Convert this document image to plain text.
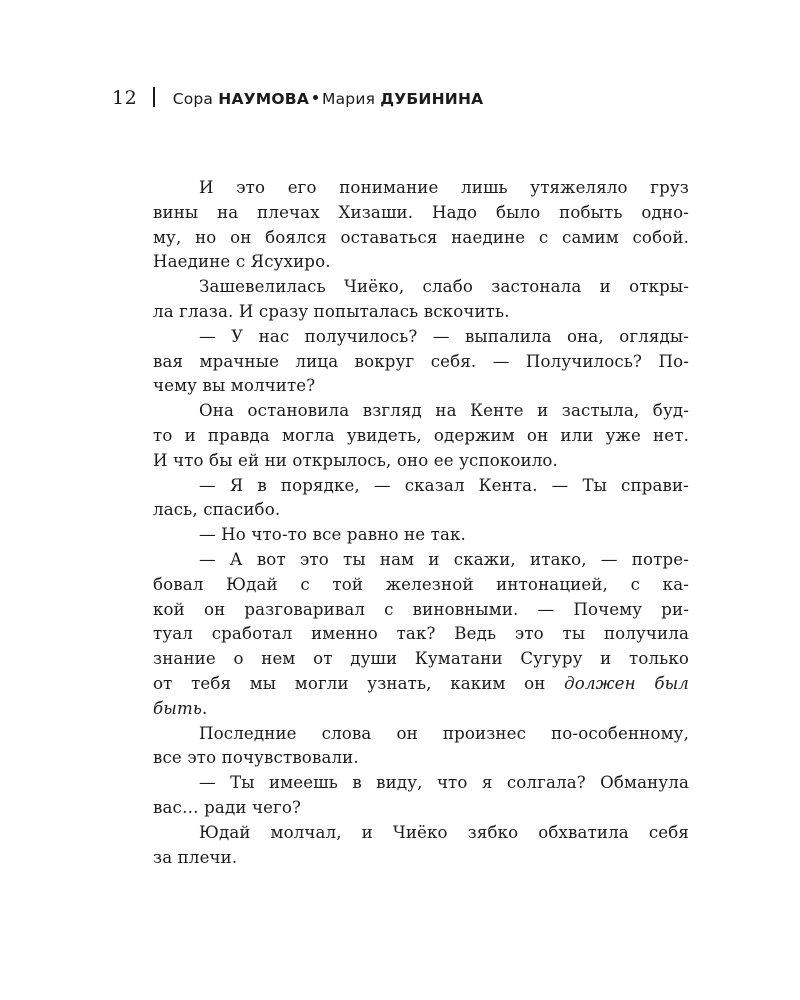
12 Сора НАУМОВА Мария ДУБИНИНА
И это его понимание лишь утяжеляло груз
вины на плечах Хизаши. Надо было побыть одно-
му, но он боялся оставаться наедине с самим собой.
Наедине с Ясухиро.
Зашевелилась Чиёко, слабо застонала и откры-
ла глаза. И сразу попыталась вскочить.
— У нас получилось? — выпалила она, огляды-
вая мрачные лица вокруг себя. — Получилось? По-
чему вы молчите?
Она остановила взгляд на Кенте и застыла, буд-
то и правда могла увидеть, одержим он или уже нет.
И что бы ей ни открылось, оно ее успокоило.
— Я в порядке, — сказал Кента. — Ты справи-
лась, спасибо.
— Но что-то все равно не так.
— А вот это ты нам и скажи, итако, — потре-
бовал Юдай с той железной интонацией, с ка-
кой он разговаривал с виновными. — Почему ри-
туал сработал именно так? Ведь это ты получила
знание о нем от души Куматани Сугуру и только
от тебя мы могли узнать, каким он должен был
быть.
Последние слова он произнес по-особенному,
все это почувствовали.
— Ты имеешь в виду, что я солгала? Обманула
вас… ради чего?
Юдай молчал, и Чиёко зябко обхватила себя
за плечи.
